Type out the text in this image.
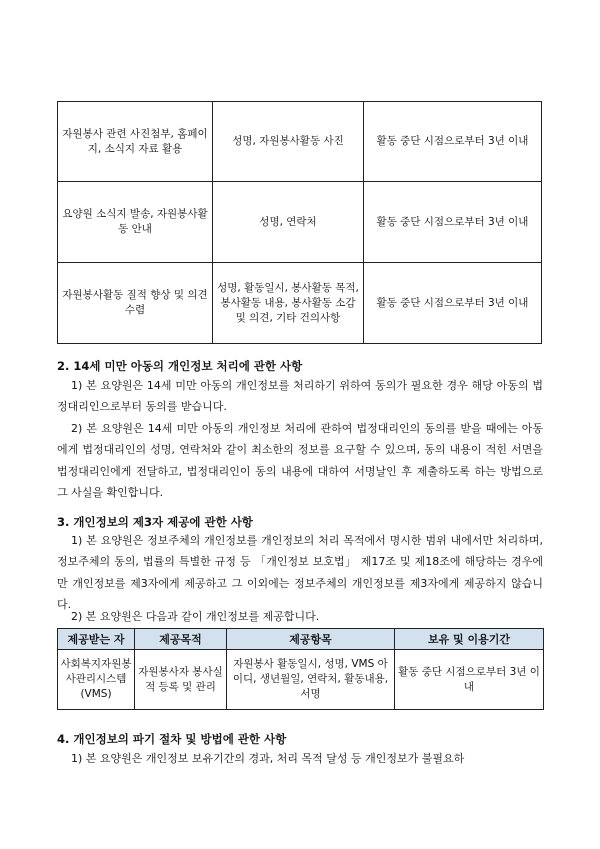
자원봉사 관련 사진첨부, 홈페이지, 소식지 자료 활용	성명, 자원봉사활동 사진	활동 중단 시점으로부터 3년 이내
요양원 소식지 발송, 자원봉사활동 안내	성명, 연락처	활동 중단 시점으로부터 3년 이내
자원봉사활동 질적 향상 및 의견 수렴	성명, 활동일시, 봉사활동 목적, 봉사활동 내용, 봉사활동 소감 및 의견, 기타 건의사항	활동 중단 시점으로부터 3년 이내
2. 14세 미만 아동의 개인정보 처리에 관한 사항
1) 본 요양원은 14세 미만 아동의 개인정보를 처리하기 위하여 동의가 필요한 경우 해당 아동의 법정대리인으로부터 동의를 받습니다.
2) 본 요양원은 14세 미만 아동의 개인정보 처리에 관하여 법정대리인의 동의를 받을 때에는 아동에게 법정대리인의 성명, 연락처와 같이 최소한의 정보를 요구할 수 있으며, 동의 내용이 적힌 서면을 법정대리인에게 전달하고, 법정대리인이 동의 내용에 대하여 서명날인 후 제출하도록 하는 방법으로 그 사실을 확인합니다.
3. 개인정보의 제3자 제공에 관한 사항
1) 본 요양원은 정보주체의 개인정보를 개인정보의 처리 목적에서 명시한 범위 내에서만 처리하며, 정보주체의 동의, 법률의 특별한 규정 등 「개인정보 보호법」 제17조 및 제18조에 해당하는 경우에만 개인정보를 제3자에게 제공하고 그 이외에는 정보주체의 개인정보를 제3자에게 제공하지 않습니다.
2) 본 요양원은 다음과 같이 개인정보를 제공합니다.
제공받는 자	제공목적	제공항목	보유 및 이용기간
사회복지자원봉사관리시스템(VMS)	자원봉사자 봉사실적 등록 및 관리	자원봉사 활동일시, 성명, VMS 아이디, 생년월일, 연락처, 활동내용, 서명	활동 중단 시점으로부터 3년 이내
4. 개인정보의 파기 절차 및 방법에 관한 사항
1) 본 요양원은 개인정보 보유기간의 경과, 처리 목적 달성 등 개인정보가 불필요하
